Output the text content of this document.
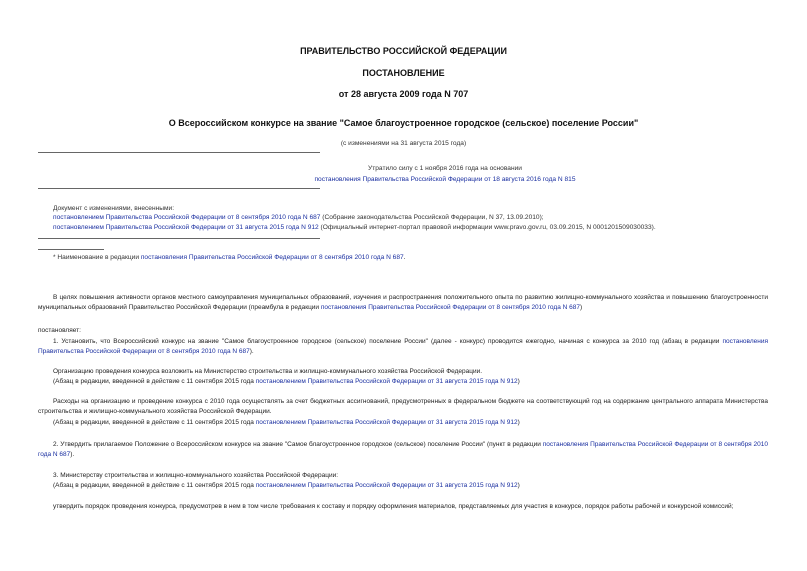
ПРАВИТЕЛЬСТВО РОССИЙСКОЙ ФЕДЕРАЦИИ
ПОСТАНОВЛЕНИЕ
от 28 августа 2009 года N 707
О Всероссийском конкурсе на звание "Самое благоустроенное городское (сельское) поселение России"
(с изменениями на 31 августа 2015 года)
Утратило силу с 1 ноября 2016 года на основании
постановления Правительства Российской Федерации от 18 августа 2016 года N 815
Документ с изменениями, внесенными:
постановлением Правительства Российской Федерации от 8 сентября 2010 года N 687 (Собрание законодательства Российской Федерации, N 37, 13.09.2010);
постановлением Правительства Российской Федерации от 31 августа 2015 года N 912 (Официальный интернет-портал правовой информации www.pravo.gov.ru, 03.09.2015, N 0001201509030033).
* Наименование в редакции постановления Правительства Российской Федерации от 8 сентября 2010 года N 687.
В целях повышения активности органов местного самоуправления муниципальных образований, изучения и распространения положительного опыта по развитию жилищно-коммунального хозяйства и повышению благоустроенности муниципальных образований Правительство Российской Федерации (преамбула в редакции постановления Правительства Российской Федерации от 8 сентября 2010 года N 687)
постановляет:
1. Установить, что Всероссийский конкурс на звание "Самое благоустроенное городское (сельское) поселение России" (далее - конкурс) проводится ежегодно, начиная с конкурса за 2010 год (абзац в редакции постановления Правительства Российской Федерации от 8 сентября 2010 года N 687).
Организацию проведения конкурса возложить на Министерство строительства и жилищно-коммунального хозяйства Российской Федерации.
(Абзац в редакции, введенной в действие с 11 сентября 2015 года постановлением Правительства Российской Федерации от 31 августа 2015 года N 912)
Расходы на организацию и проведение конкурса с 2010 года осуществлять за счет бюджетных ассигнований, предусмотренных в федеральном бюджете на соответствующий год на содержание центрального аппарата Министерства строительства и жилищно-коммунального хозяйства Российской Федерации.
(Абзац в редакции, введенной в действие с 11 сентября 2015 года постановлением Правительства Российской Федерации от 31 августа 2015 года N 912)
2. Утвердить прилагаемое Положение о Всероссийском конкурсе на звание "Самое благоустроенное городское (сельское) поселение России" (пункт в редакции постановления Правительства Российской Федерации от 8 сентября 2010 года N 687).
3. Министерству строительства и жилищно-коммунального хозяйства Российской Федерации:
(Абзац в редакции, введенной в действие с 11 сентября 2015 года постановлением Правительства Российской Федерации от 31 августа 2015 года N 912)
утвердить порядок проведения конкурса, предусмотрев в нем в том числе требования к составу и порядку оформления материалов, представляемых для участия в конкурсе, порядок работы рабочей и конкурсной комиссий;
